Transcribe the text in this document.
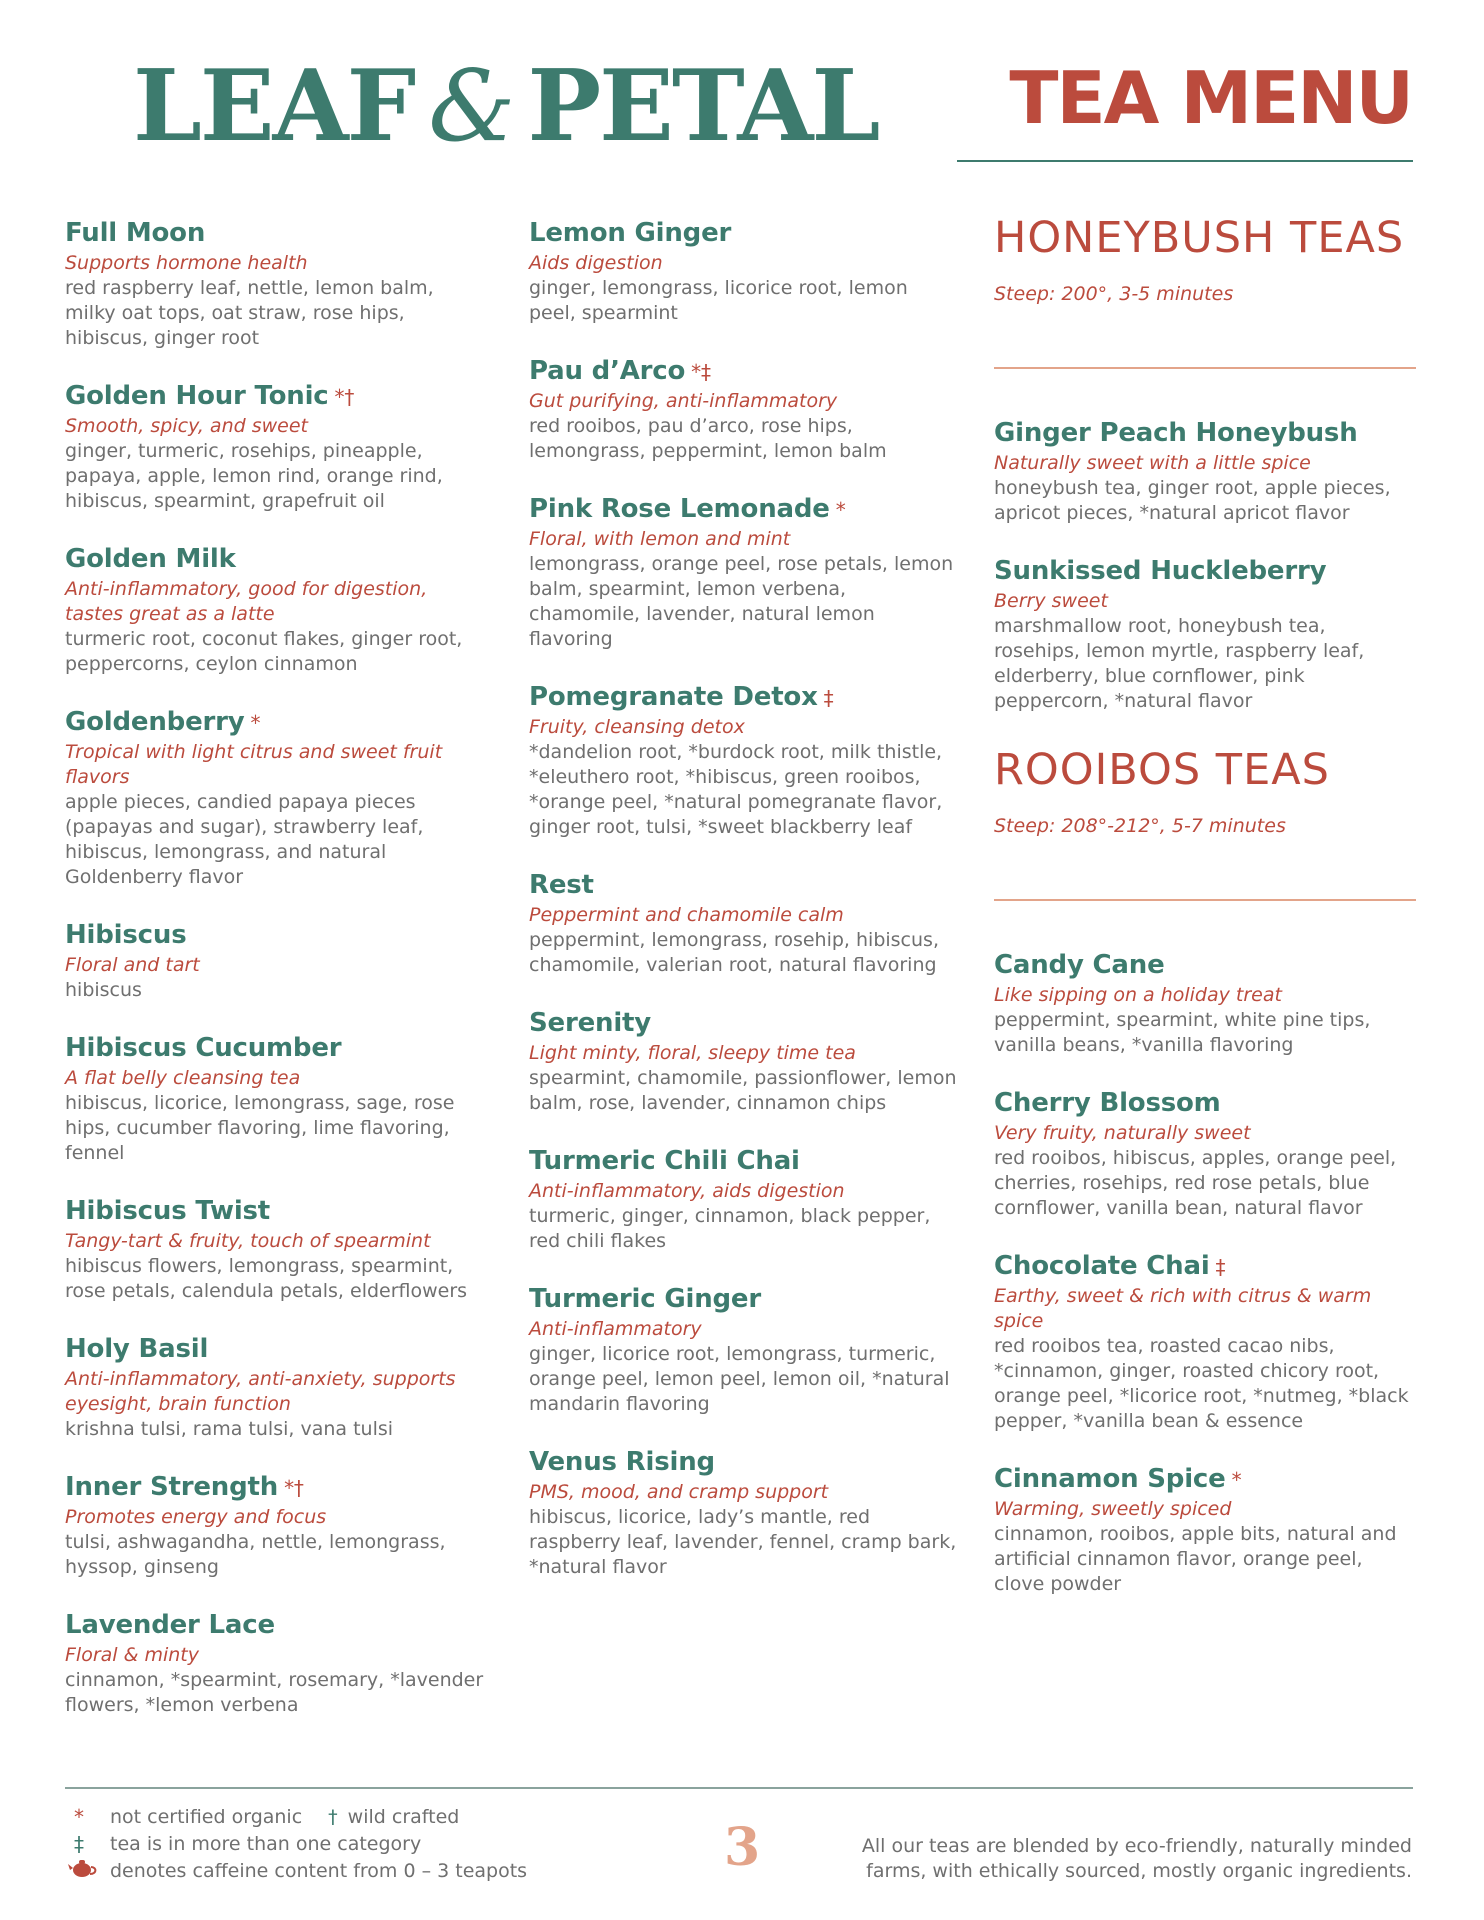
LEAF & PETAL TEA MENU
Full Moon
Supports hormone health
red raspberry leaf, nettle, lemon balm, milky oat tops, oat straw, rose hips, hibiscus, ginger root
Golden Hour Tonic *†
Smooth, spicy, and sweet
ginger, turmeric, rosehips, pineapple, papaya, apple, lemon rind, orange rind, hibiscus, spearmint, grapefruit oil
Golden Milk
Anti-inflammatory, good for digestion, tastes great as a latte
turmeric root, coconut flakes, ginger root, peppercorns, ceylon cinnamon
Goldenberry *
Tropical with light citrus and sweet fruit flavors
apple pieces, candied papaya pieces (papayas and sugar), strawberry leaf, hibiscus, lemongrass, and natural Goldenberry flavor
Hibiscus
Floral and tart
hibiscus
Hibiscus Cucumber
A flat belly cleansing tea
hibiscus, licorice, lemongrass, sage, rose hips, cucumber flavoring, lime flavoring, fennel
Hibiscus Twist
Tangy-tart & fruity, touch of spearmint
hibiscus flowers, lemongrass, spearmint, rose petals, calendula petals, elderflowers
Holy Basil
Anti-inflammatory, anti-anxiety, supports eyesight, brain function
krishna tulsi, rama tulsi, vana tulsi
Inner Strength *†
Promotes energy and focus
tulsi, ashwagandha, nettle, lemongrass, hyssop, ginseng
Lavender Lace
Floral & minty
cinnamon, *spearmint, rosemary, *lavender flowers, *lemon verbena
Lemon Ginger
Aids digestion
ginger, lemongrass, licorice root, lemon peel, spearmint
Pau d’Arco *‡
Gut purifying, anti-inflammatory
red rooibos, pau d’arco, rose hips, lemongrass, peppermint, lemon balm
Pink Rose Lemonade *
Floral, with lemon and mint
lemongrass, orange peel, rose petals, lemon balm, spearmint, lemon verbena, chamomile, lavender, natural lemon flavoring
Pomegranate Detox ‡
Fruity, cleansing detox
*dandelion root, *burdock root, milk thistle, *eleuthero root, *hibiscus, green rooibos, *orange peel, *natural pomegranate flavor, ginger root, tulsi, *sweet blackberry leaf
Rest
Peppermint and chamomile calm
peppermint, lemongrass, rosehip, hibiscus, chamomile, valerian root, natural flavoring
Serenity
Light minty, floral, sleepy time tea
spearmint, chamomile, passionflower, lemon balm, rose, lavender, cinnamon chips
Turmeric Chili Chai
Anti-inflammatory, aids digestion
turmeric, ginger, cinnamon, black pepper, red chili flakes
Turmeric Ginger
Anti-inflammatory
ginger, licorice root, lemongrass, turmeric, orange peel, lemon peel, lemon oil, *natural mandarin flavoring
Venus Rising
PMS, mood, and cramp support
hibiscus, licorice, lady’s mantle, red raspberry leaf, lavender, fennel, cramp bark, *natural flavor
HONEYBUSH TEAS
Steep: 200°, 3-5 minutes
Ginger Peach Honeybush
Naturally sweet with a little spice
honeybush tea, ginger root, apple pieces, apricot pieces, *natural apricot flavor
Sunkissed Huckleberry
Berry sweet
marshmallow root, honeybush tea, rosehips, lemon myrtle, raspberry leaf, elderberry, blue cornflower, pink peppercorn, *natural flavor
ROOIBOS TEAS
Steep: 208°-212°, 5-7 minutes
Candy Cane
Like sipping on a holiday treat
peppermint, spearmint, white pine tips, vanilla beans, *vanilla flavoring
Cherry Blossom
Very fruity, naturally sweet
red rooibos, hibiscus, apples, orange peel, cherries, rosehips, red rose petals, blue cornflower, vanilla bean, natural flavor
Chocolate Chai ‡
Earthy, sweet & rich with citrus & warm spice
red rooibos tea, roasted cacao nibs, *cinnamon, ginger, roasted chicory root, orange peel, *licorice root, *nutmeg, *black pepper, *vanilla bean & essence
Cinnamon Spice *
Warming, sweetly spiced
cinnamon, rooibos, apple bits, natural and artificial cinnamon flavor, orange peel, clove powder
*	not certified organic † wild crafted
‡	tea is in more than one category
denotes caffeine content from 0 – 3 teapots	3	All our teas are blended by eco-friendly, naturally minded farms, with ethically sourced, mostly organic ingredients.
